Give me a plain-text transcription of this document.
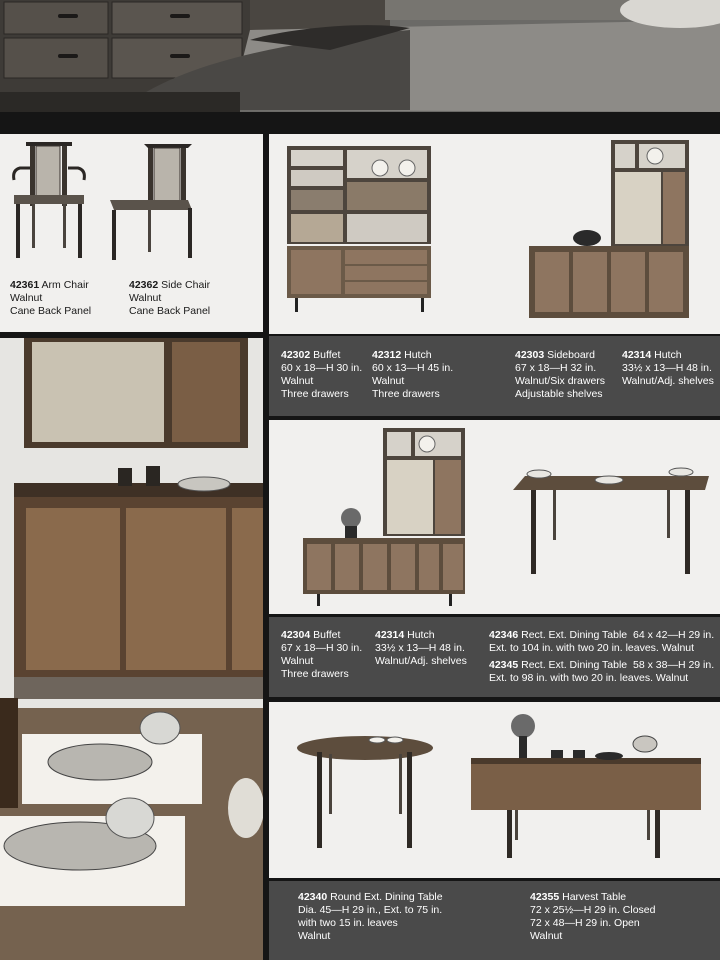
42361 Arm Chair
Walnut
Cane Back Panel
42362 Side Chair
Walnut
Cane Back Panel
42302 Buffet
60 x 18—H 30 in.
Walnut
Three drawers
42312 Hutch
60 x 13—H 45 in.
Walnut
Three drawers
42303 Sideboard
67 x 18—H 32 in.
Walnut/Six drawers
Adjustable shelves
42314 Hutch
33½ x 13—H 48 in.
Walnut/Adj. shelves
42304 Buffet
67 x 18—H 30 in.
Walnut
Three drawers
42314 Hutch
33½ x 13—H 48 in.
Walnut/Adj. shelves
42346 Rect. Ext. Dining Table 64 x 42—H 29 in.
Ext. to 104 in. with two 20 in. leaves. Walnut
42345 Rect. Ext. Dining Table 58 x 38—H 29 in.
Ext. to 98 in. with two 20 in. leaves. Walnut
42340 Round Ext. Dining Table
Dia. 45—H 29 in., Ext. to 75 in.
with two 15 in. leaves
Walnut
42355 Harvest Table
72 x 25½—H 29 in. Closed
72 x 48—H 29 in. Open
Walnut
